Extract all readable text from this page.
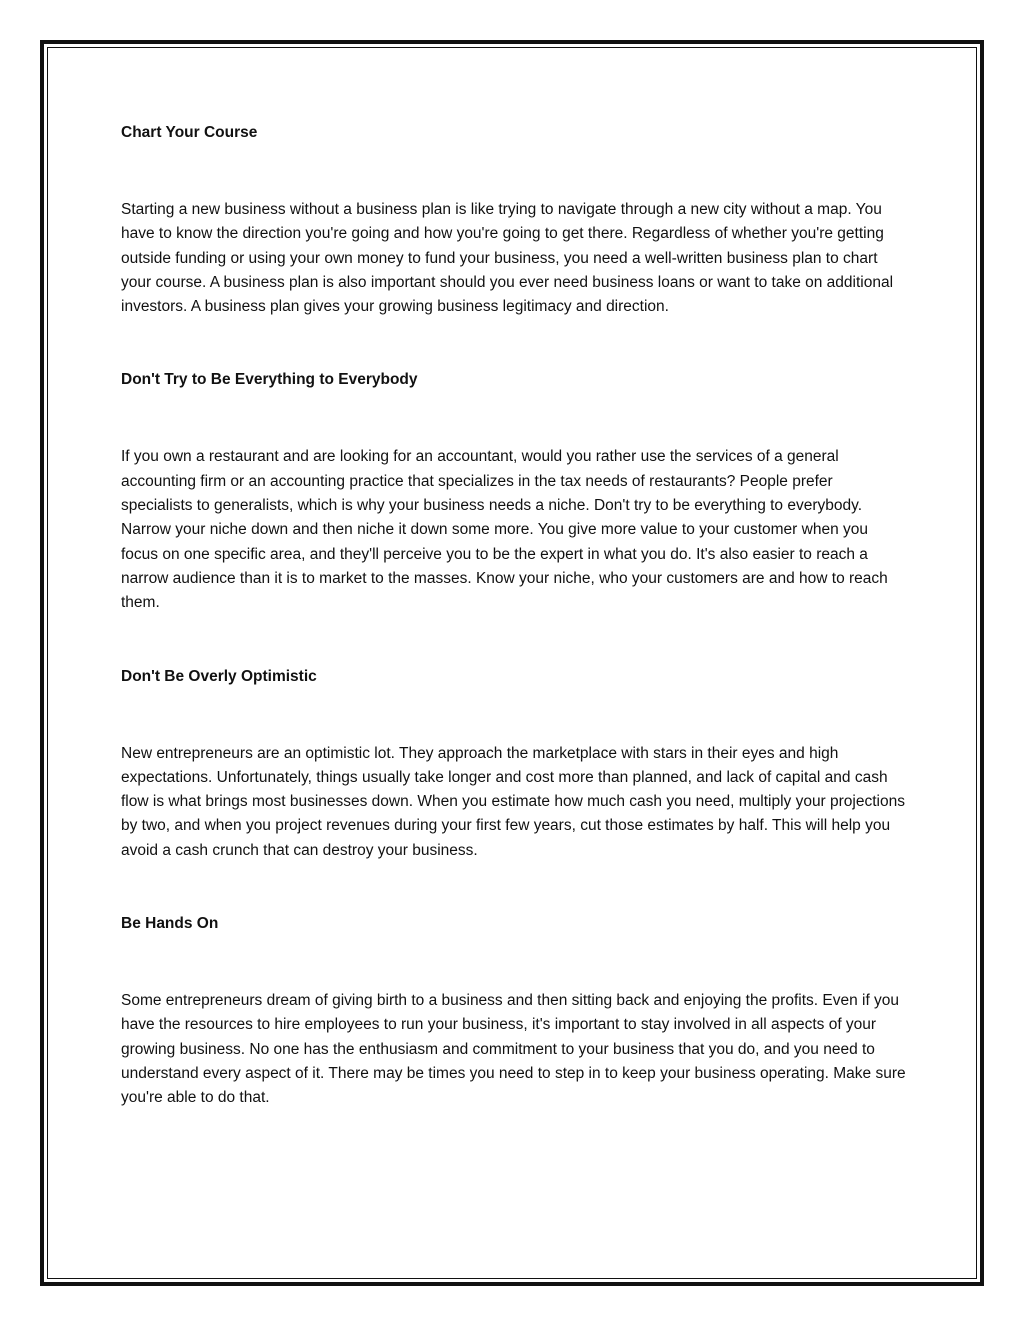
Chart Your Course

Starting a new business without a business plan is like trying to navigate through a new city without a map. You have to know the direction you're going and how you're going to get there. Regardless of whether you're getting outside funding or using your own money to fund your business, you need a well-written business plan to chart your course. A business plan is also important should you ever need business loans or want to take on additional investors. A business plan gives your growing business legitimacy and direction.

Don't Try to Be Everything to Everybody

If you own a restaurant and are looking for an accountant, would you rather use the services of a general accounting firm or an accounting practice that specializes in the tax needs of restaurants? People prefer specialists to generalists, which is why your business needs a niche. Don't try to be everything to everybody. Narrow your niche down and then niche it down some more. You give more value to your customer when you focus on one specific area, and they'll perceive you to be the expert in what you do. It's also easier to reach a narrow audience than it is to market to the masses. Know your niche, who your customers are and how to reach them.

Don't Be Overly Optimistic

New entrepreneurs are an optimistic lot. They approach the marketplace with stars in their eyes and high expectations. Unfortunately, things usually take longer and cost more than planned, and lack of capital and cash flow is what brings most businesses down. When you estimate how much cash you need, multiply your projections by two, and when you project revenues during your first few years, cut those estimates by half. This will help you avoid a cash crunch that can destroy your business.

Be Hands On

Some entrepreneurs dream of giving birth to a business and then sitting back and enjoying the profits. Even if you have the resources to hire employees to run your business, it's important to stay involved in all aspects of your growing business. No one has the enthusiasm and commitment to your business that you do, and you need to understand every aspect of it. There may be times you need to step in to keep your business operating. Make sure you're able to do that.
